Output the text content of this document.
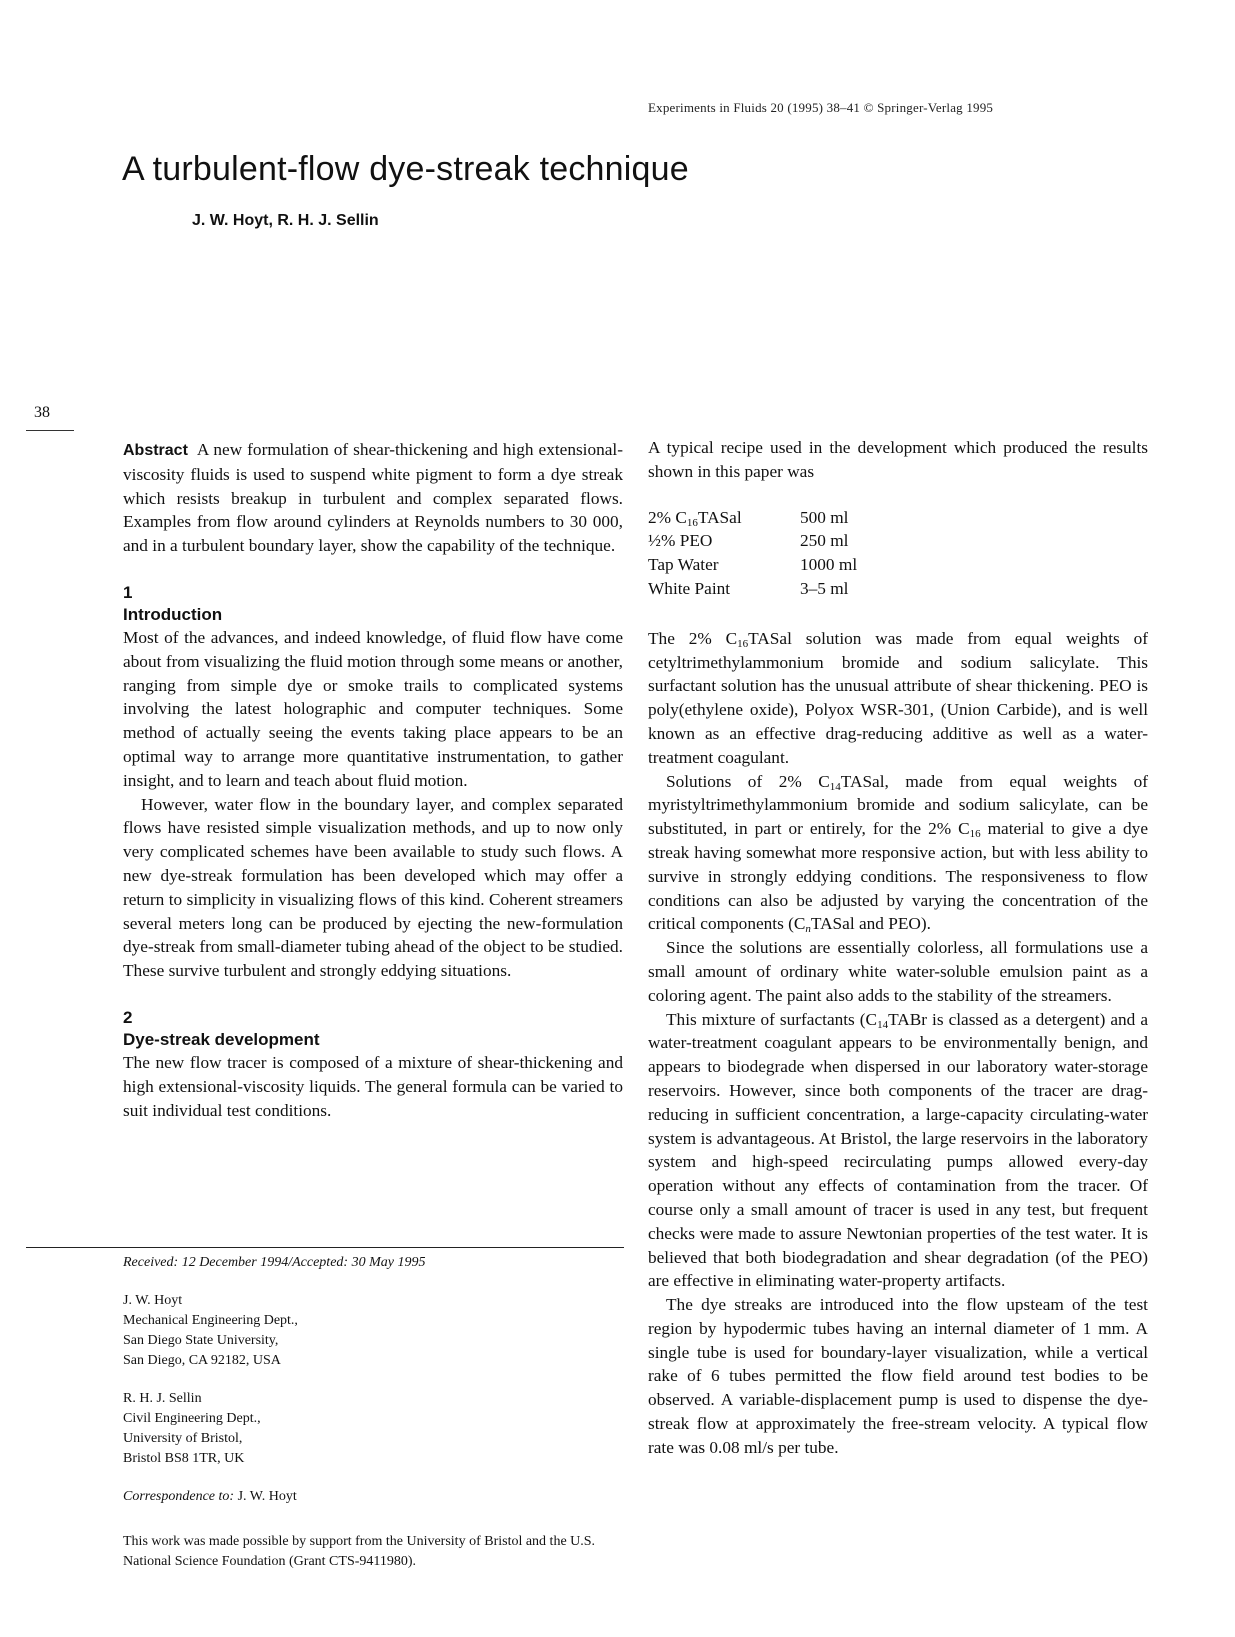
Experiments in Fluids 20 (1995) 38–41 © Springer-Verlag 1995
A turbulent-flow dye-streak technique
J. W. Hoyt, R. H. J. Sellin
38

Abstract A new formulation of shear-thickening and high extensional-viscosity fluids is used to suspend white pigment to form a dye streak which resists breakup in turbulent and complex separated flows. Examples from flow around cylinders at Reynolds numbers to 30 000, and in a turbulent boundary layer, show the capability of the technique.

1

Introduction

Most of the advances, and indeed knowledge, of fluid flow have come about from visualizing the fluid motion through some means or another, ranging from simple dye or smoke trails to complicated systems involving the latest holographic and computer techniques. Some method of actually seeing the events taking place appears to be an optimal way to arrange more quantitative instrumentation, to gather insight, and to learn and teach about fluid motion.

However, water flow in the boundary layer, and complex separated flows have resisted simple visualization methods, and up to now only very complicated schemes have been available to study such flows. A new dye-streak formulation has been developed which may offer a return to simplicity in visualizing flows of this kind. Coherent streamers several meters long can be produced by ejecting the new-formulation dye-streak from small-diameter tubing ahead of the object to be studied. These survive turbulent and strongly eddying situations.

2

Dye-streak development

The new flow tracer is composed of a mixture of shear-thickening and high extensional-viscosity liquids. The general formula can be varied to suit individual test conditions.

A typical recipe used in the development which produced the results shown in this paper was

2% $C_{16}TASal$	500 ml
½% PEO	250 ml
Tap Water	1000 ml
White Paint	3–5 ml

The 2% $C_{16}TASal$ solution was made from equal weights of cetyltrimethylammonium bromide and sodium salicylate. This surfactant solution has the unusual attribute of shear thickening. PEO is poly(ethylene oxide), Polyox WSR-301, (Union Carbide), and is well known as an effective drag-reducing additive as well as a water-treatment coagulant.

Solutions of 2% $C_{14}TASal$, made from equal weights of myristyltrimethylammonium bromide and sodium salicylate, can be substituted, in part or entirely, for the 2% $C_{16}$ material to give a dye streak having somewhat more responsive action, but with less ability to survive in strongly eddying conditions. The responsiveness to flow conditions can also be adjusted by varying the concentration of the critical components ($C_nTASal$ and PEO).

Since the solutions are essentially colorless, all formulations use a small amount of ordinary white water-soluble emulsion paint as a coloring agent. The paint also adds to the stability of the streamers.

This mixture of surfactants ($C_{14}TABr$ is classed as a detergent) and a water-treatment coagulant appears to be environmentally benign, and appears to biodegrade when dispersed in our laboratory water-storage reservoirs. However, since both components of the tracer are drag-reducing in sufficient concentration, a large-capacity circulating-water system is advantageous. At Bristol, the large reservoirs in the laboratory system and high-speed recirculating pumps allowed every-day operation without any effects of contamination from the tracer. Of course only a small amount of tracer is used in any test, but frequent checks were made to assure Newtonian properties of the test water. It is believed that both biodegradation and shear degradation (of the PEO) are effective in eliminating water-property artifacts.

The dye streaks are introduced into the flow upsteam of the test region by hypodermic tubes having an internal diameter of 1 mm. A single tube is used for boundary-layer visualization, while a vertical rake of 6 tubes permitted the flow field around test bodies to be observed. A variable-displacement pump is used to dispense the dye-streak flow at approximately the free-stream velocity. A typical flow rate was 0.08 ml/s per tube.

Received: 12 December 1994/Accepted: 30 May 1995

J. W. Hoyt

Mechanical Engineering Dept.,

San Diego State University,

San Diego, CA 92182, USA

R. H. J. Sellin

Civil Engineering Dept.,

University of Bristol,

Bristol BS8 1TR, UK

Correspondence to: J. W. Hoyt

This work was made possible by support from the University of Bristol and the U.S. National Science Foundation (Grant CTS-9411980).
